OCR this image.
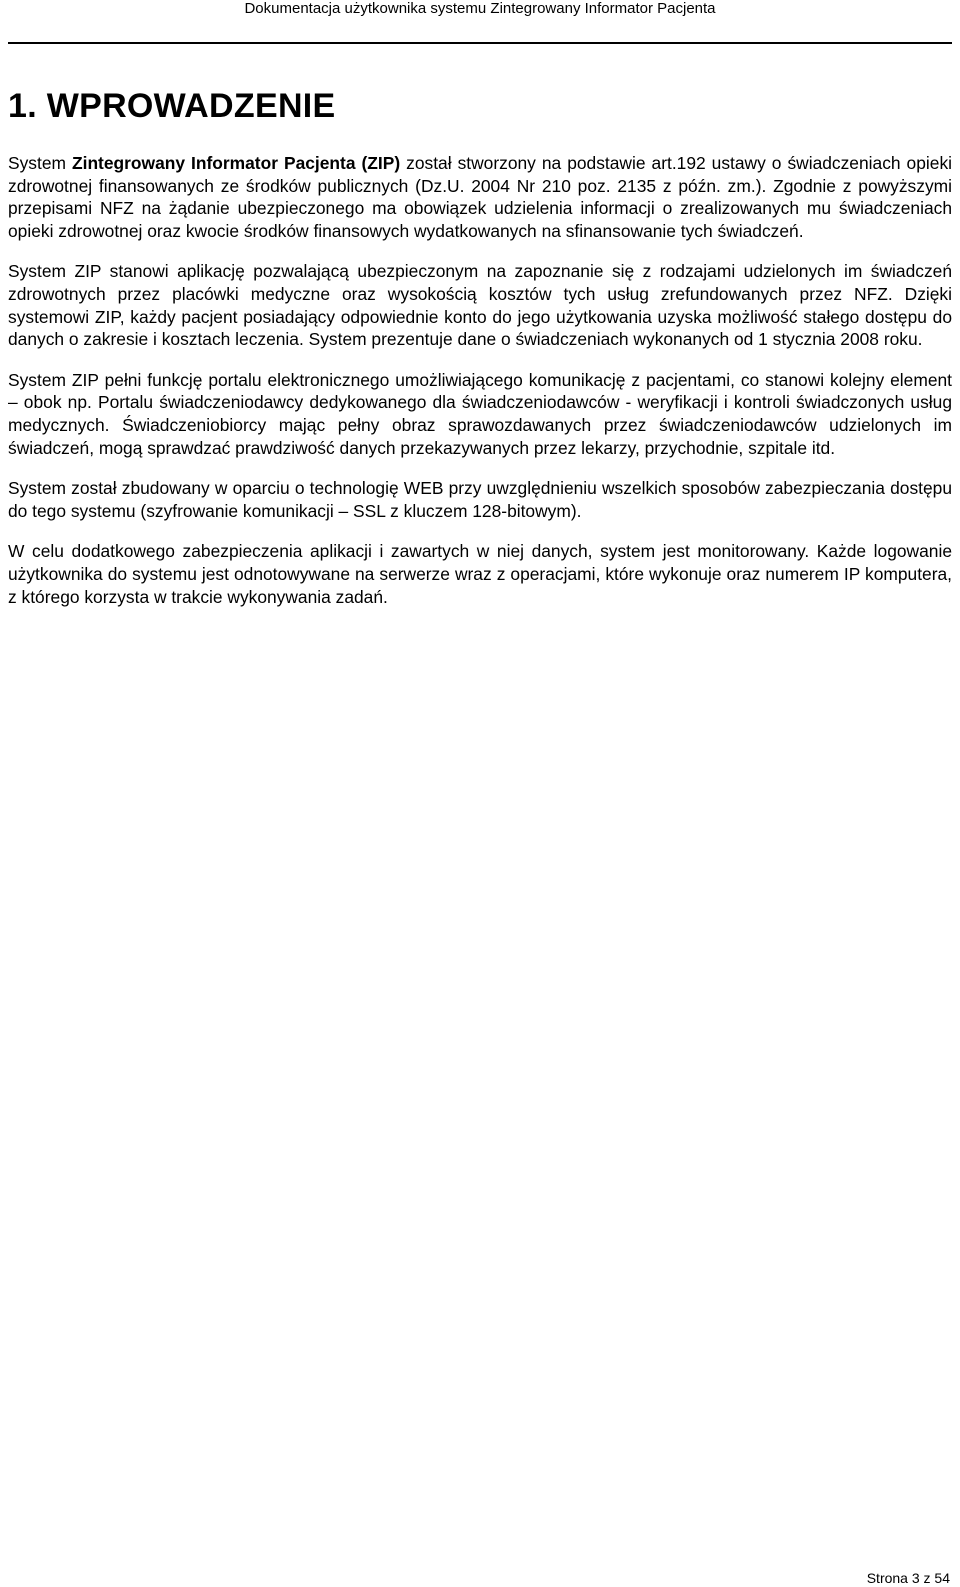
Dokumentacja użytkownika systemu Zintegrowany Informator Pacjenta
1. WPROWADZENIE

System Zintegrowany Informator Pacjenta (ZIP) został stworzony na podstawie art.192 ustawy o świadczeniach opieki zdrowotnej finansowanych ze środków publicznych (Dz.U. 2004 Nr 210 poz. 2135 z późn. zm.). Zgodnie z powyższymi przepisami NFZ na żądanie ubezpieczonego ma obowiązek udzielenia informacji o zrealizowanych mu świadczeniach opieki zdrowotnej oraz kwocie środków finansowych wydatkowanych na sfinansowanie tych świadczeń.

System ZIP stanowi aplikację pozwalającą ubezpieczonym na zapoznanie się z rodzajami udzielonych im świadczeń zdrowotnych przez placówki medyczne oraz wysokością kosztów tych usług zrefundowanych przez NFZ. Dzięki systemowi ZIP, każdy pacjent posiadający odpowiednie konto do jego użytkowania uzyska możliwość stałego dostępu do danych o zakresie i kosztach leczenia. System prezentuje dane o świadczeniach wykonanych od 1 stycznia 2008 roku.

System ZIP pełni funkcję portalu elektronicznego umożliwiającego komunikację z pacjentami, co stanowi kolejny element – obok np. Portalu świadczeniodawcy dedykowanego dla świadczeniodawców - weryfikacji i kontroli świadczonych usług medycznych. Świadczeniobiorcy mając pełny obraz sprawozdawanych przez świadczeniodawców udzielonych im świadczeń, mogą sprawdzać prawdziwość danych przekazywanych przez lekarzy, przychodnie, szpitale itd.

System został zbudowany w oparciu o technologię WEB przy uwzględnieniu wszelkich sposobów zabezpieczania dostępu do tego systemu (szyfrowanie komunikacji – SSL z kluczem 128-bitowym).

W celu dodatkowego zabezpieczenia aplikacji i zawartych w niej danych, system jest monitorowany. Każde logowanie użytkownika do systemu jest odnotowywane na serwerze wraz z operacjami, które wykonuje oraz numerem IP komputera, z którego korzysta w trakcie wykonywania zadań.

Strona 3 z 54
